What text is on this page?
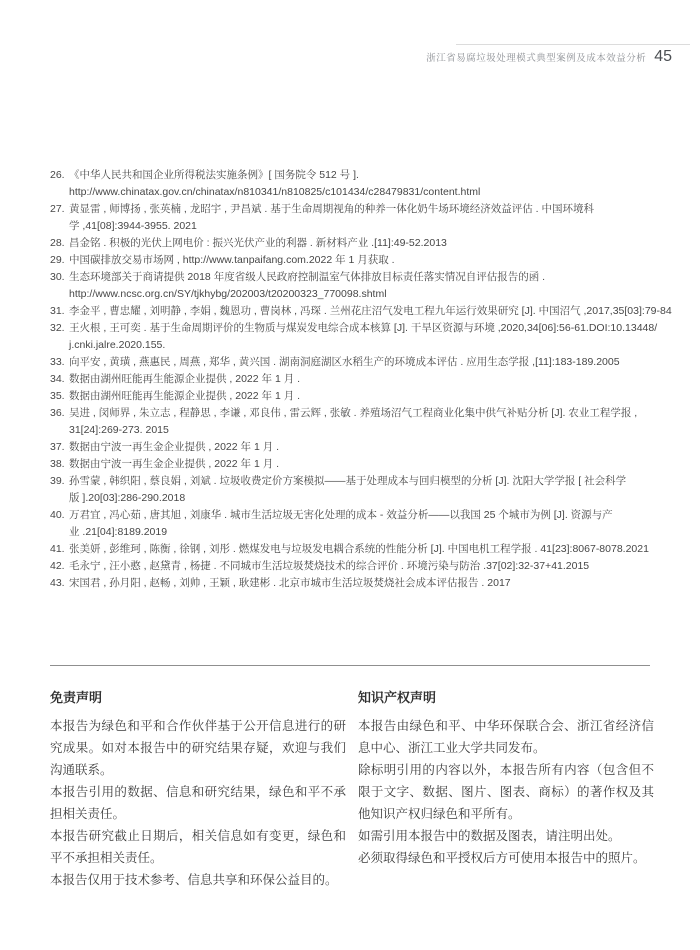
浙江省易腐垃圾处理模式典型案例及成本效益分析 45
26. 《中华人民共和国企业所得税法实施条例》[ 国务院令 512 号 ].
http://www.chinatax.gov.cn/chinatax/n810341/n810825/c101434/c28479831/content.html
27. 黄显雷 , 师博扬 , 张英楠 , 龙昭宇 , 尹昌斌 . 基于生命周期视角的种养一体化奶牛场环境经济效益评估 . 中国环境科
学 ,41[08]:3944-3955. 2021
28. 昌金铭 . 积极的光伏上网电价 : 振兴光伏产业的利器 . 新材料产业 .[11]:49-52.2013
29. 中国碳排放交易市场网 , http://www.tanpaifang.com.2022 年 1 月获取 .
30. 生态环境部关于商请提供 2018 年度省级人民政府控制温室气体排放目标责任落实情况自评估报告的函 .
http://www.ncsc.org.cn/SY/tjkhybg/202003/t20200323_770098.shtml
31. 李金平 , 曹忠耀 , 刘明静 , 李娟 , 魏恩功 , 曹岗林 , 冯琛 . 兰州花庄沼气发电工程九年运行效果研究 [J]. 中国沼气 ,2017,35[03]:79-84
32. 王火根 , 王可奕 . 基于生命周期评价的生物质与煤炭发电综合成本核算 [J]. 干旱区资源与环境 ,2020,34[06]:56-61.DOI:10.13448/
j.cnki.jalre.2020.155.
33. 向平安 , 黄璜 , 燕惠民 , 周燕 , 郑华 , 黄兴国 . 湖南洞庭湖区水稻生产的环境成本评估 . 应用生态学报 ,[11]:183-189.2005
34. 数据由湖州旺能再生能源企业提供 , 2022 年 1 月 .
35. 数据由湖州旺能再生能源企业提供 , 2022 年 1 月 .
36. 吴进 , 闵师界 , 朱立志 , 程静思 , 李谦 , 邓良伟 , 雷云辉 , 张敏 . 养殖场沼气工程商业化集中供气补贴分析 [J]. 农业工程学报 ,
31[24]:269-273. 2015
37. 数据由宁波一再生金企业提供 , 2022 年 1 月 .
38. 数据由宁波一再生金企业提供 , 2022 年 1 月 .
39. 孙雪蒙 , 韩织阳 , 蔡良娟 , 刘斌 . 垃圾收费定价方案模拟——基于处理成本与回归模型的分析 [J]. 沈阳大学学报 [ 社会科学
版 ].20[03]:286-290.2018
40. 万君宜 , 冯心茹 , 唐其旭 , 刘康华 . 城市生活垃圾无害化处理的成本 - 效益分析——以我国 25 个城市为例 [J]. 资源与产
业 .21[04]:8189.2019
41. 张美妍 , 彭维珂 , 陈衡 , 徐钢 , 刘彤 . 燃煤发电与垃圾发电耦合系统的性能分析 [J]. 中国电机工程学报 . 41[23]:8067-8078.2021
42. 毛永宁 , 汪小憨 , 赵黛青 , 杨捷 . 不同城市生活垃圾焚烧技术的综合评价 . 环境污染与防治 .37[02]:32-37+41.2015
43. 宋国君 , 孙月阳 , 赵畅 , 刘帅 , 王颖 , 耿建彬 . 北京市城市生活垃圾焚烧社会成本评估报告 . 2017
免责声明

本报告为绿色和平和合作伙伴基于公开信息进行的研究成果。如对本报告中的研究结果存疑，欢迎与我们沟通联系。

本报告引用的数据、信息和研究结果，绿色和平不承担相关责任。

本报告研究截止日期后，相关信息如有变更，绿色和平不承担相关责任。

本报告仅用于技术参考、信息共享和环保公益目的。

知识产权声明

本报告由绿色和平、中华环保联合会、浙江省经济信息中心、浙江工业大学共同发布。

除标明引用的内容以外，本报告所有内容（包含但不限于文字、数据、图片、图表、商标）的著作权及其他知识产权归绿色和平所有。

如需引用本报告中的数据及图表，请注明出处。

必须取得绿色和平授权后方可使用本报告中的照片。
